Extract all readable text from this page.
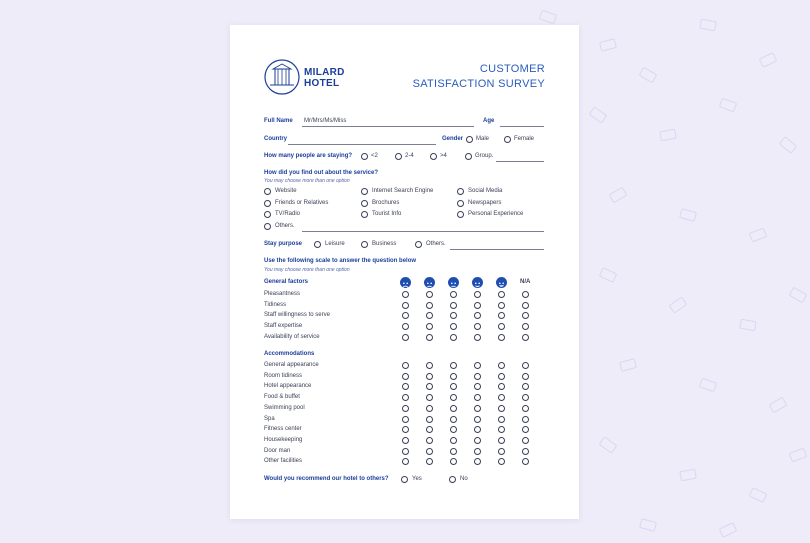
MILARD
HOTEL
CUSTOMER
SATISFACTION SURVEY
Full Name Mr/Mrs/Ms/Miss	Age
Country	Gender Male	Female
How many people are staying?	<2	2-4	>4	Group.
How did you find out about the service?
You may choose more than one option
Website	Internet Search Engine	Social Media
Friends or Relatives	Brochures	Newspapers
TV/Radio	Tourist Info	Personal Experience
Others.
Stay purpose	Leisure	Business	Others.
Use the following scale to answer the question below
You may choose more than one option
N/A
General factors
Pleasantness
Tidiness
Staff willingness to serve
Staff expertise
Availability of service
Accommodations
General appearance
Room tidiness
Hotel appearance
Food & buffet
Swimming pool
Spa
Fitness center
Housekeeping
Door man
Other facilities
Would you recommend our hotel to others?	Yes	No
